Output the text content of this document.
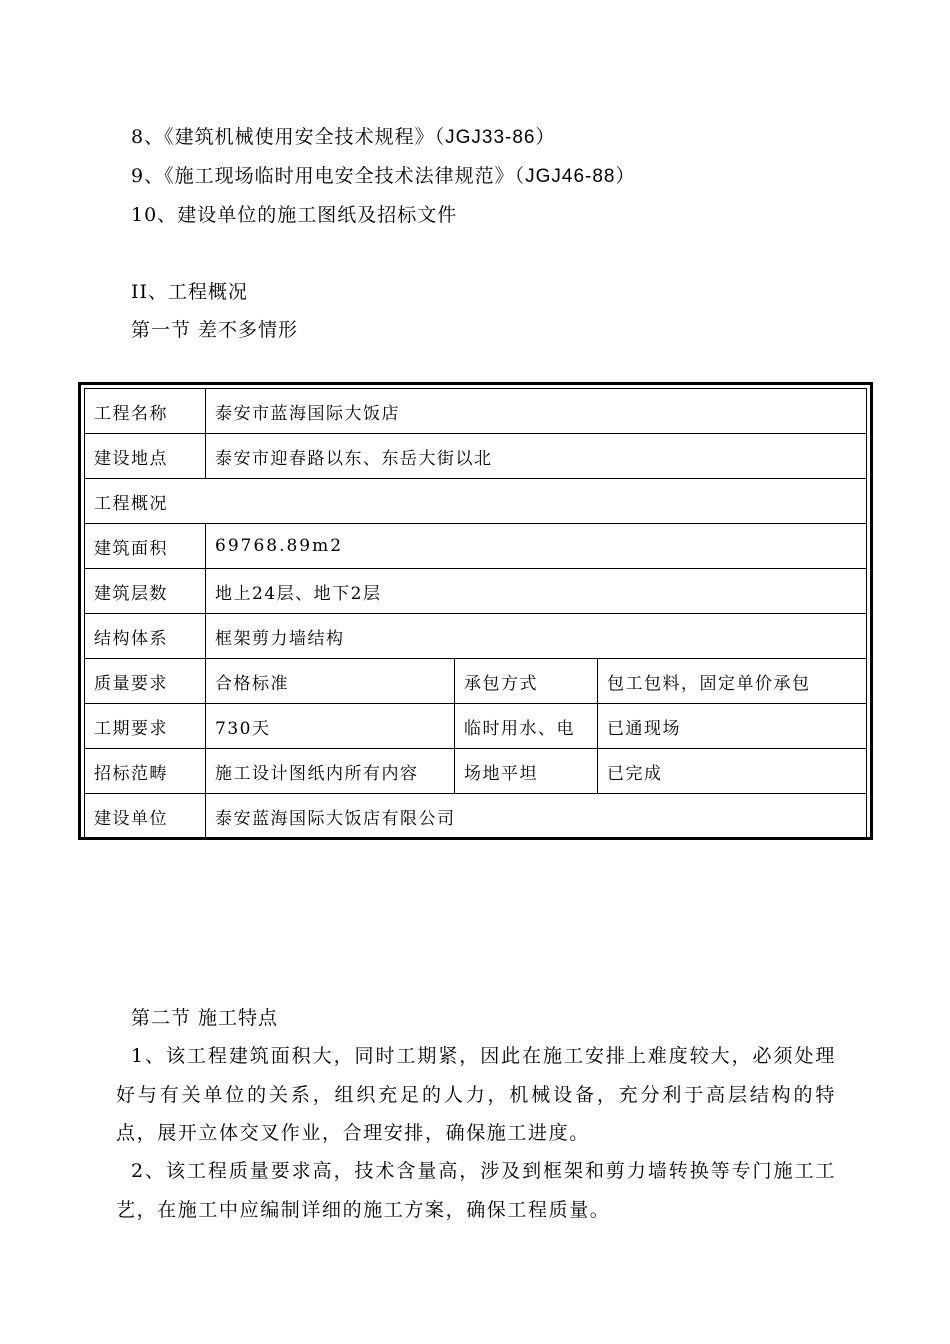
8、《建筑机械使用安全技术规程》（JGJ33-86）
9、《施工现场临时用电安全技术法律规范》（JGJ46-88）
10、建设单位的施工图纸及招标文件
II、工程概况
第一节 差不多情形
工程名称	泰安市蓝海国际大饭店		
建设地点	泰安市迎春路以东、东岳大街以北		
工程概况			
建筑面积	69768.89m2		
建筑层数	地上24层、地下2层		
结构体系	框架剪力墙结构		
质量要求	合格标准	承包方式	包工包料，固定单价承包
工期要求	730天	临时用水、电	已通现场
招标范畴	施工设计图纸内所有内容	场地平坦	已完成
建设单位	泰安蓝海国际大饭店有限公司		
第二节 施工特点
1、该工程建筑面积大，同时工期紧，因此在施工安排上难度较大，必须处理好与有关单位的关系，组织充足的人力，机械设备，充分利于高层结构的特点，展开立体交叉作业，合理安排，确保施工进度。
2、该工程质量要求高，技术含量高，涉及到框架和剪力墙转换等专门施工工艺，在施工中应编制详细的施工方案，确保工程质量。
